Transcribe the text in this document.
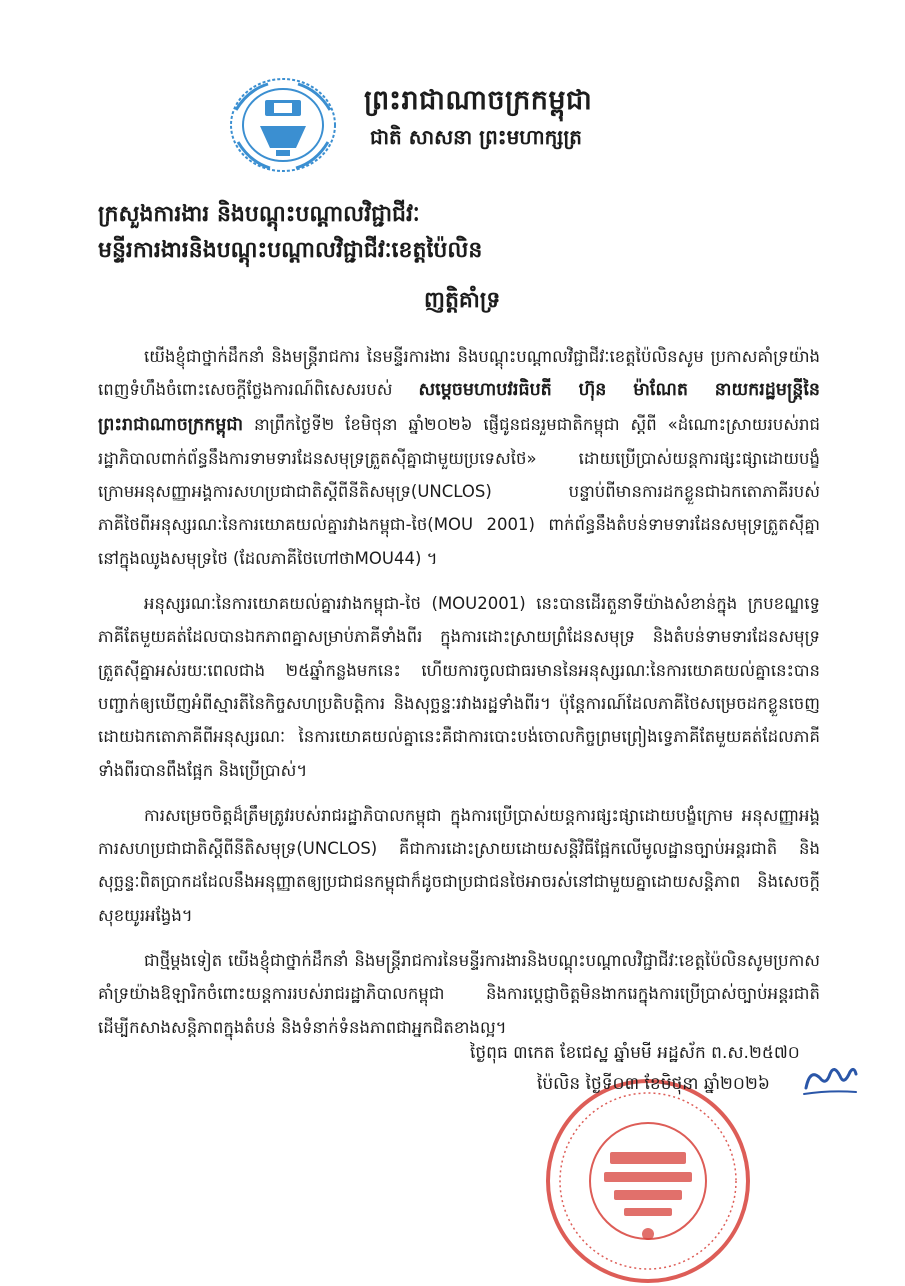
ព្រះរាជាណាចក្រកម្ពុជា
ជាតិ សាសនា ព្រះមហាក្សត្រ
ក្រសួងការងារ និងបណ្តុះបណ្តាលវិជ្ជាជីវៈ
មន្ទីរការងារនិងបណ្តុះបណ្តាលវិជ្ជាជីវៈខេត្តប៉ៃលិន
ញត្តិគាំទ្រ

យើងខ្ញុំជាថ្នាក់ដឹកនាំ និងមន្ត្រីរាជការ នៃមន្ទីរការងារ និងបណ្តុះបណ្តាលវិជ្ជាជីវៈខេត្តប៉ៃលិនសូម ប្រកាសគាំទ្រយ៉ាងពេញទំហឹងចំពោះសេចក្តីថ្លែងការណ៍ពិសេសរបស់ សម្តេចមហាបវរធិបតី ហ៊ុន ម៉ាណែត នាយករដ្ឋមន្ត្រីនៃព្រះរាជាណាចក្រកម្ពុជា នាព្រឹកថ្ងៃទី២ ខែមិថុនា ឆ្នាំ២០២៦ ផ្ញើជូនជនរួមជាតិកម្ពុជា ស្តីពី «ដំណោះស្រាយរបស់រាជរដ្ឋាភិបាលពាក់ព័ន្ធនឹងការទាមទារដែនសមុទ្រត្រួតស៊ីគ្នាជាមួយប្រទេសថៃ» ដោយប្រើប្រាស់យន្តការផ្សះផ្សាដោយបង្ខំ ក្រោមអនុសញ្ញាអង្គការសហប្រជាជាតិស្តីពីនីតិសមុទ្រ(UNCLOS) បន្ទាប់ពីមានការដកខ្លួនជាឯកតោភាគីរបស់ភាគីថៃពីអនុស្សរណៈនៃការយោគយល់គ្នារវាងកម្ពុជា-ថៃ(MOU 2001) ពាក់ព័ន្ធនឹងតំបន់ទាមទារដែនសមុទ្រត្រួតស៊ីគ្នានៅក្នុងឈូងសមុទ្រថៃ (ដែលភាគីថៃហៅថាMOU44) ។

អនុស្សរណៈនៃការយោគយល់គ្នារវាងកម្ពុជា-ថៃ (MOU2001) នេះបានដើរតួនាទីយ៉ាងសំខាន់ក្នុង ក្របខណ្ឌទ្វេភាគីតែមួយគត់ដែលបានឯកភាពគ្នាសម្រាប់ភាគីទាំងពីរ ក្នុងការដោះស្រាយព្រំដែនសមុទ្រ និងតំបន់ទាមទារដែនសមុទ្រត្រួតស៊ីគ្នាអស់រយៈពេលជាង ២៥ឆ្នាំកន្លងមកនេះ ហើយការចូលជាធរមាននៃអនុស្សរណៈនៃការយោគយល់គ្នានេះបានបញ្ជាក់ឲ្យឃើញអំពីស្មារតីនៃកិច្ចសហប្រតិបត្តិការ និងសុច្ឆន្ទៈរវាងរដ្ឋទាំងពីរ។ ប៉ុន្តែការណ៍ដែលភាគីថៃសម្រេចដកខ្លួនចេញដោយឯកតោភាគីពីអនុស្សរណៈ នៃការយោគយល់គ្នានេះគឺជាការបោះបង់ចោលកិច្ចព្រមព្រៀងទ្វេភាគីតែមួយគត់ដែលភាគីទាំងពីរបានពឹងផ្អែក និងប្រើប្រាស់។

ការសម្រេចចិត្តដ៏ត្រឹមត្រូវរបស់រាជរដ្ឋាភិបាលកម្ពុជា ក្នុងការប្រើប្រាស់យន្តការផ្សះផ្សាដោយបង្ខំក្រោម អនុសញ្ញាអង្គការសហប្រជាជាតិស្តីពីនីតិសមុទ្រ(UNCLOS) គឺជាការដោះស្រាយដោយសន្តិវិធីផ្អែកលើមូលដ្ឋានច្បាប់អន្តរជាតិ និងសុច្ឆន្ទៈពិតប្រាកដដែលនឹងអនុញ្ញាតឲ្យប្រជាជនកម្ពុជាក៏ដូចជាប្រជាជនថៃអាចរស់នៅជាមួយគ្នាដោយសន្តិភាព និងសេចក្តីសុខយូរអង្វែង។

ជាថ្មីម្តងទៀត យើងខ្ញុំជាថ្នាក់ដឹកនាំ និងមន្ត្រីរាជការនៃមន្ទីរការងារនិងបណ្តុះបណ្តាលវិជ្ជាជីវៈខេត្តប៉ៃលិនសូមប្រកាសគាំទ្រយ៉ាងឱឡារិកចំពោះយន្តការរបស់រាជរដ្ឋាភិបាលកម្ពុជា និងការប្តេជ្ញាចិត្តមិនងាករេក្នុងការប្រើប្រាស់ច្បាប់អន្តរជាតិ ដើម្បីកសាងសន្តិភាពក្នុងតំបន់ និងទំនាក់ទំនងភាពជាអ្នកជិតខាងល្អ។

ថ្ងៃពុធ ៣កេត ខែជេស្ឋ ឆ្នាំមមី អដ្ឋស័ក ព.ស.២៥៧០
ប៉ៃលិន ថ្ងៃទី០៣ ខែមិថុនា ឆ្នាំ២០២៦
